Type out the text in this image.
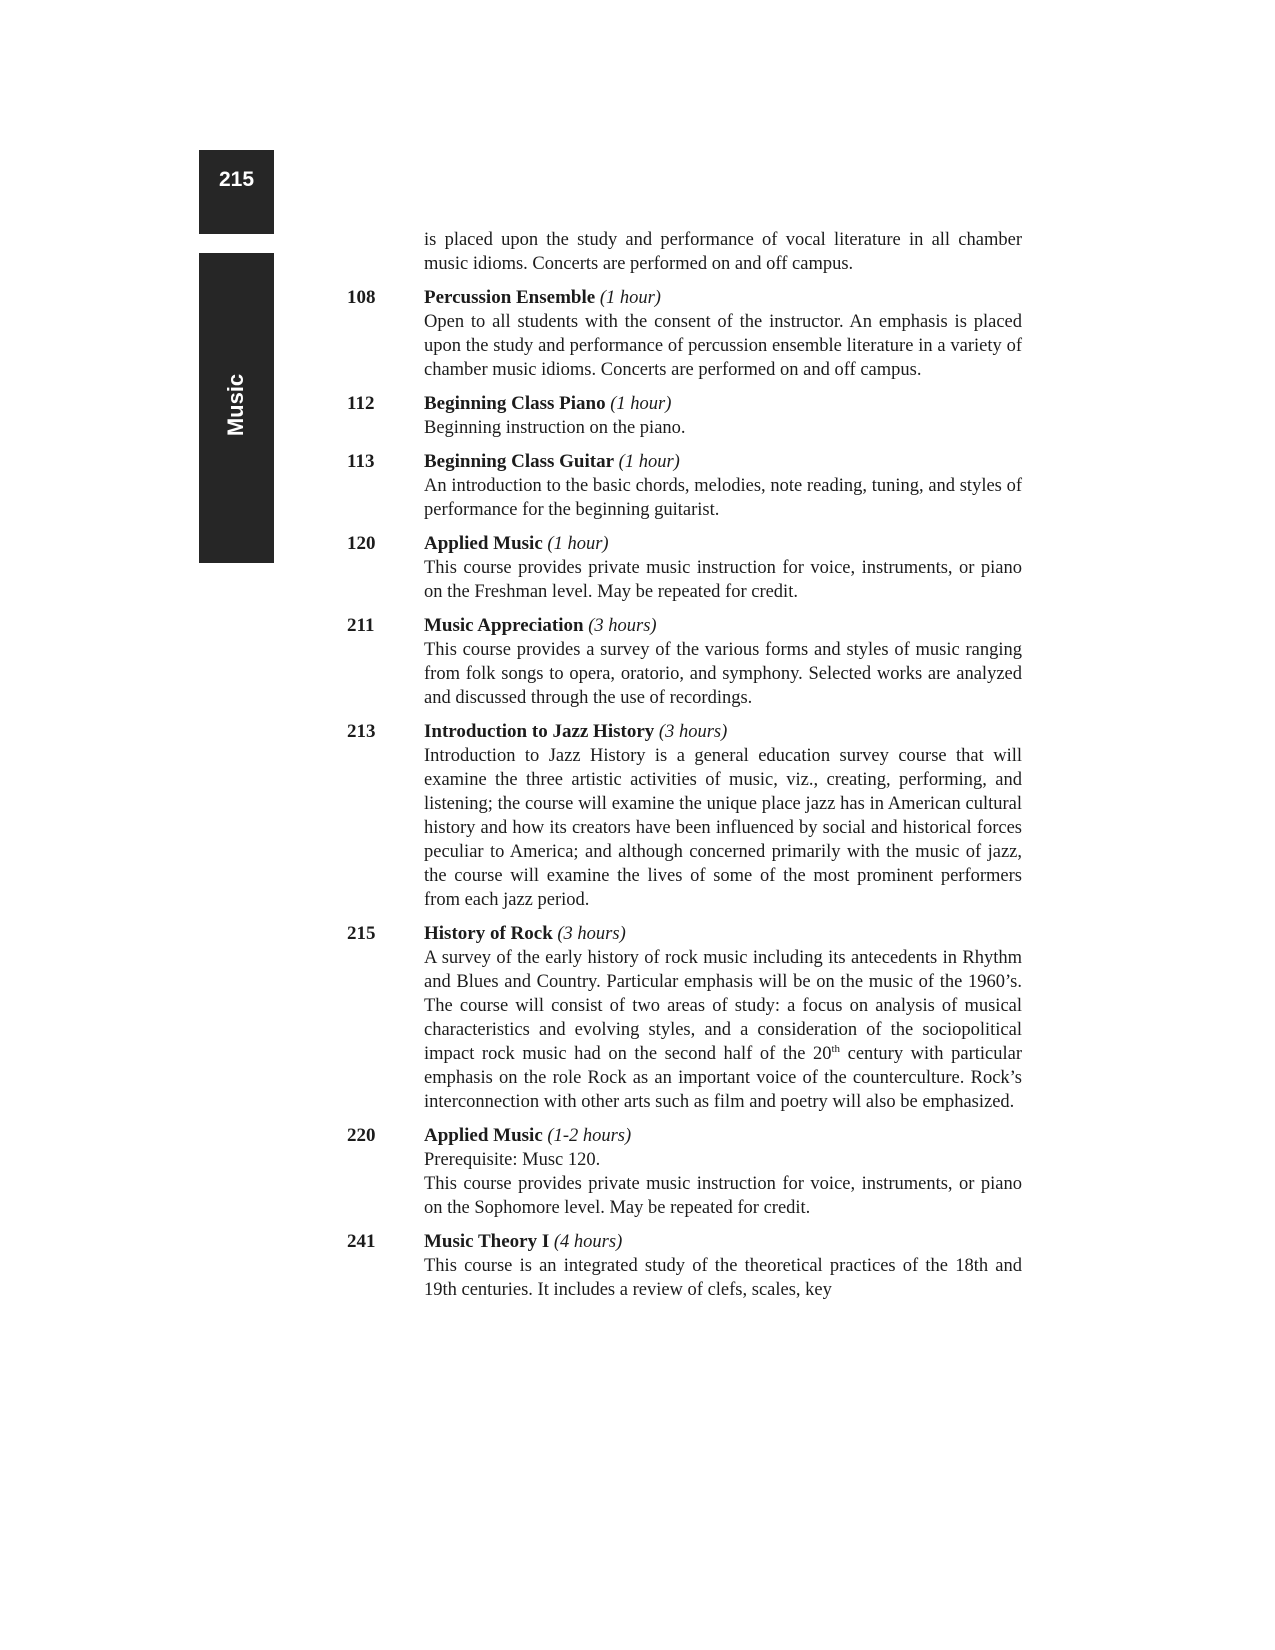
215
Music
is placed upon the study and performance of vocal literature in all chamber music idioms. Concerts are performed on and off campus.
108	Percussion Ensemble (1 hour)
Open to all students with the consent of the instructor. An emphasis is placed upon the study and performance of percussion ensemble literature in a variety of chamber music idioms. Concerts are performed on and off campus.
112	Beginning Class Piano (1 hour)
Beginning instruction on the piano.
113	Beginning Class Guitar (1 hour)
An introduction to the basic chords, melodies, note reading, tuning, and styles of performance for the beginning guitarist.
120	Applied Music (1 hour)
This course provides private music instruction for voice, instruments, or piano on the Freshman level. May be repeated for credit.
211	Music Appreciation (3 hours)
This course provides a survey of the various forms and styles of music ranging from folk songs to opera, oratorio, and symphony. Selected works are analyzed and discussed through the use of recordings.
213	Introduction to Jazz History (3 hours)
Introduction to Jazz History is a general education survey course that will examine the three artistic activities of music, viz., creating, performing, and listening; the course will examine the unique place jazz has in American cultural history and how its creators have been influenced by social and historical forces peculiar to America; and although concerned primarily with the music of jazz, the course will examine the lives of some of the most prominent performers from each jazz period.
215	History of Rock (3 hours)
A survey of the early history of rock music including its antecedents in Rhythm and Blues and Country. Particular emphasis will be on the music of the 1960’s. The course will consist of two areas of study: a focus on analysis of musical characteristics and evolving styles, and a consideration of the sociopolitical impact rock music had on the second half of the 20th century with particular emphasis on the role Rock as an important voice of the counterculture. Rock’s interconnection with other arts such as film and poetry will also be emphasized.
220	Applied Music (1-2 hours)
Prerequisite: Musc 120.
This course provides private music instruction for voice, instruments, or piano on the Sophomore level. May be repeated for credit.
241	Music Theory I (4 hours)
This course is an integrated study of the theoretical practices of the 18th and 19th centuries. It includes a review of clefs, scales, key
